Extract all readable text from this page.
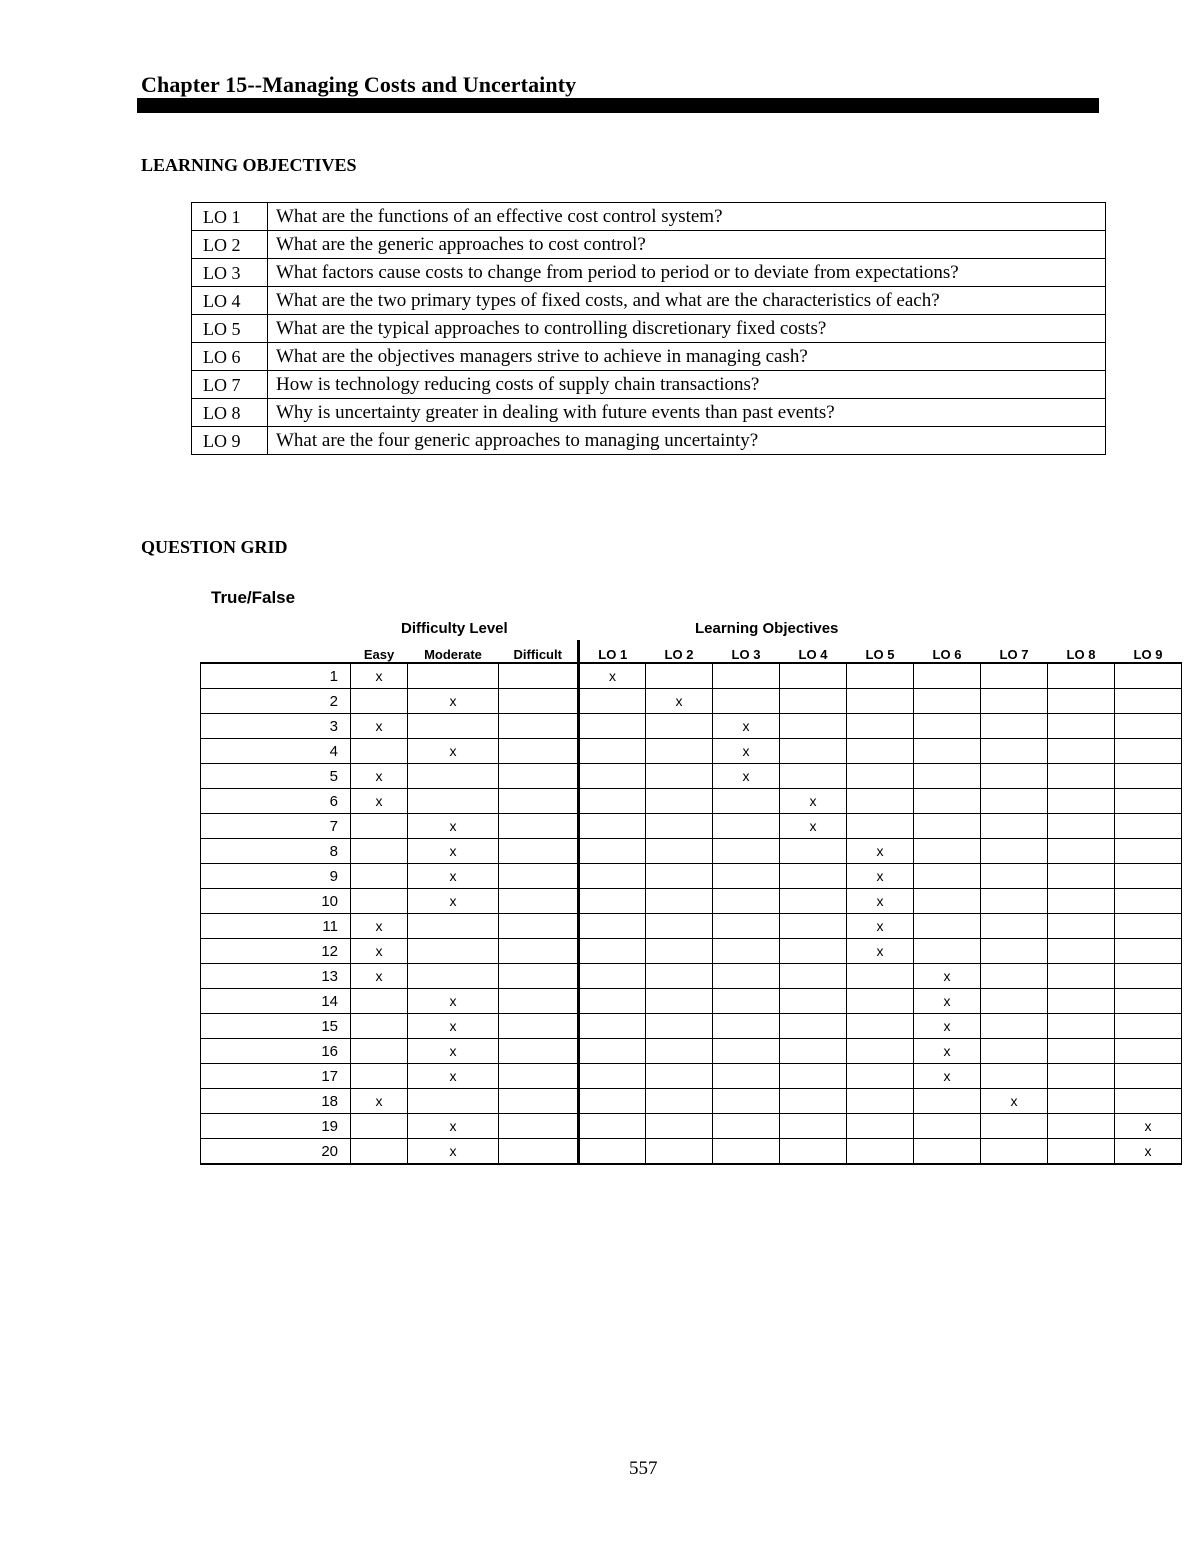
Chapter 15--Managing Costs and Uncertainty
LEARNING OBJECTIVES
LO 1	What are the functions of an effective cost control system?
LO 2	What are the generic approaches to cost control?
LO 3	What factors cause costs to change from period to period or to deviate from expectations?
LO 4	What are the two primary types of fixed costs, and what are the characteristics of each?
LO 5	What are the typical approaches to controlling discretionary fixed costs?
LO 6	What are the objectives managers strive to achieve in managing cash?
LO 7	How is technology reducing costs of supply chain transactions?
LO 8	Why is uncertainty greater in dealing with future events than past events?
LO 9	What are the four generic approaches to managing uncertainty?
QUESTION GRID
True/False
Difficulty Level	Learning Objectives
	Easy	Moderate	Difficult	LO 1	LO 2	LO 3	LO 4	LO 5	LO 6	LO 7	LO 8	LO 9
1	x			x								
2		x			x							
3	x					x						
4		x				x						
5	x					x						
6	x						x					
7		x					x					
8		x						x				
9		x						x				
10		x						x				
11	x							x				
12	x							x				
13	x								x			
14		x							x			
15		x							x			
16		x							x			
17		x							x			
18	x									x		
19		x										x
20		x										x
557
